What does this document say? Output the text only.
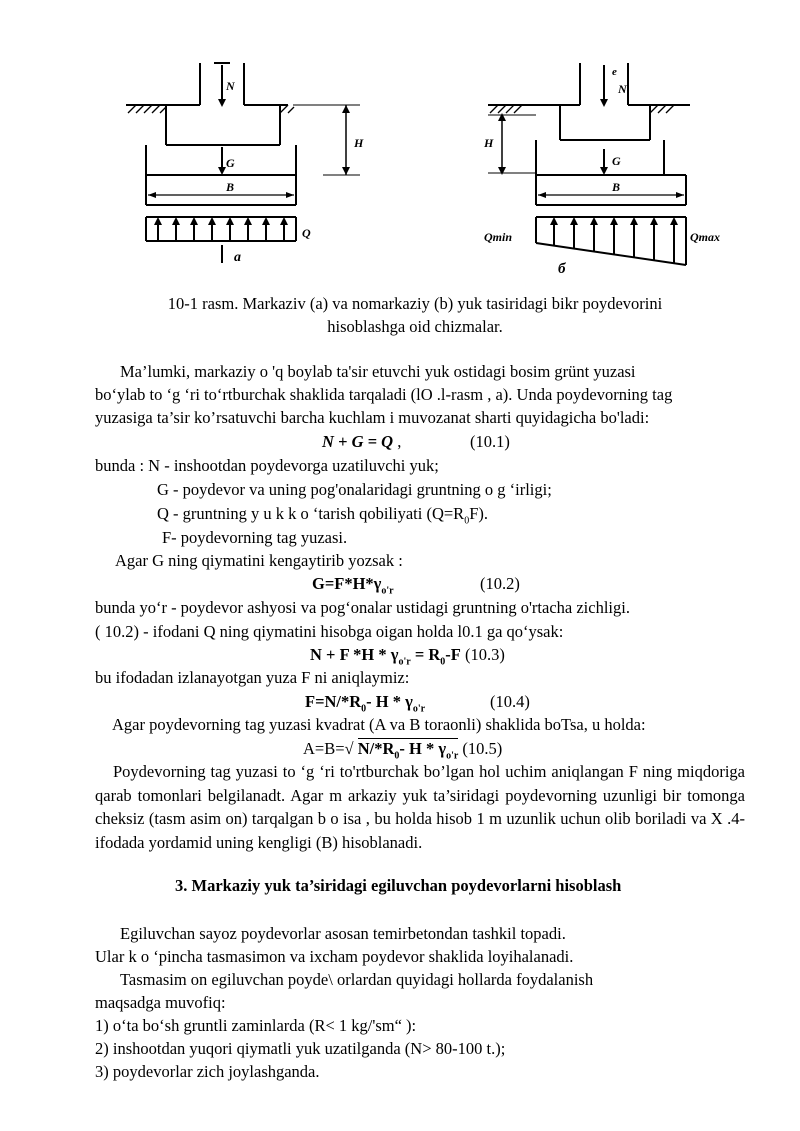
N
H
G
B
Q
a
e
N
H
G
B
Qmin	Qmax
б
10-1 rasm. Markaziv (a) va nomarkaziy (b) yuk tasiridagi bikr poydevorini
hisoblashga oid chizmalar.
Ma’lumki, markaziy o 'q boylab ta'sir etuvchi yuk ostidagi bosim grünt yuzasi
bo‘ylab to ‘g ‘ri to‘rtburchak shaklida tarqaladi (lO .l-rasm , a). Unda poydevorning tag
yuzasiga ta’sir ko’rsatuvchi barcha kuchlam i muvozanat sharti quyidagicha bo'ladi:
N + G = Q ,	(10.1)
bunda : N - inshootdan poydevorga uzatiluvchi yuk;
G - poydevor va uning pog'onalaridagi gruntning o g ‘irligi;
Q - gruntning y u k k o ‘tarish qobiliyati $(Q=R_0F)$.
F- poydevorning tag yuzasi.
Agar G ning qiymatini kengaytirib yozsak :
$G=F*H*\gamma_{o'r}$	(10.2)
bunda yo‘r - poydevor ashyosi va pog‘onalar ustidagi gruntning o'rtacha zichligi.
( 10.2) - ifodani Q ning qiymatini hisobga oigan holda l0.1 ga qo‘ysak:
N + F $*H * \gamma_{o'r} = R_0-F$ (10.3)
bu ifodadan izlanayotgan yuza F ni aniqlaymiz:
$F=N/*R_0-$ H * $\gamma_{o'r}$	(10.4)
Agar poydevorning tag yuzasi kvadrat (A va B toraonli) shaklida boTsa, u holda:
A=B=√ $N/*R_0-$ H * $\gamma_{o'r}$ (10.5)
Poydevorning tag yuzasi to ‘g ‘ri to'rtburchak bo’lgan hol uchim aniqlangan F ning miqdoriga qarab tomonlari belgilanadt. Agar m arkaziy yuk ta’siridagi poydevorning uzunligi bir tomonga cheksiz (tasm asim on) tarqalgan b o isa , bu holda hisob 1 m uzunlik uchun olib boriladi va X .4- ifodada yordamid uning kengligi (B) hisoblanadi.
3. Markaziy yuk ta’siridagi egiluvchan poydevorlarni hisoblash
Egiluvchan sayoz poydevorlar asosan temirbetondan tashkil topadi.
Ular k o ‘pincha tasmasimon va ixcham poydevor shaklida loyihalanadi.
Tasmasim on egiluvchan poyde\ orlardan quyidagi hollarda foydalanish
maqsadga muvofiq:
1) o‘ta bo‘sh gruntli zaminlarda (R< 1 kg/'sm“ ):
2) inshootdan yuqori qiymatli yuk uzatilganda (N> 80-100 t.);
3) poydevorlar zich joylashganda.
